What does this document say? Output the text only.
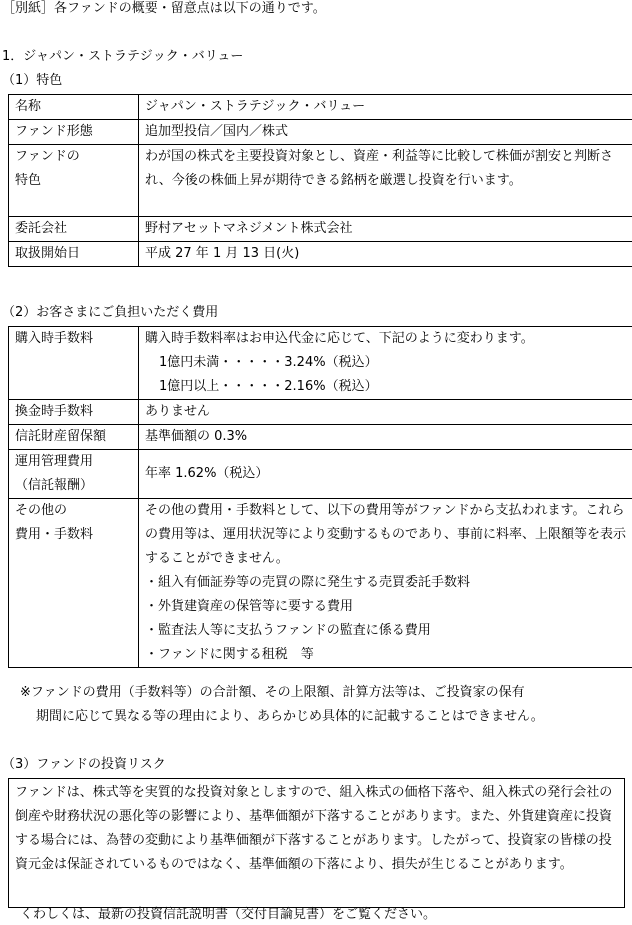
［別紙］各ファンドの概要・留意点は以下の通りです。
1．ジャパン・ストラテジック・バリュー
（1）特色
名称	ジャパン・ストラテジック・バリュー
ファンド形態	追加型投信／国内／株式
ファンドの特色	わが国の株式を主要投資対象とし、資産・利益等に比較して株価が割安と判断され、今後の株価上昇が期待できる銘柄を厳選し投資を行います。
委託会社	野村アセットマネジメント株式会社
取扱開始日	平成 27 年 1 月 13 日(火)
（2）お客さまにご負担いただく費用
購入時手数料	購入時手数料率はお申込代金に応じて、下記のように変わります。
1億円未満・・・・・3.24%（税込）
1億円以上・・・・・2.16%（税込）

換金時手数料	ありません
信託財産留保額	基準価額の 0.3%

運用管理費用
（信託報酬）	年率 1.62%（税込）

その他の
費用・手数料	その他の費用・手数料として、以下の費用等がファンドから支払われます。これらの費用等は、運用状況等により変動するものであり、事前に料率、上限額等を表示することができません。
・組入有価証券等の売買の際に発生する売買委託手数料
・外貨建資産の保管等に要する費用
・監査法人等に支払うファンドの監査に係る費用
・ファンドに関する租税　等
※ファンドの費用（手数料等）の合計額、その上限額、計算方法等は、ご投資家の保有
期間に応じて異なる等の理由により、あらかじめ具体的に記載することはできません。
（3）ファンドの投資リスク
ファンドは、株式等を実質的な投資対象としますので、組入株式の価格下落や、組入株式の発行会社の倒産や財務状況の悪化等の影響により、基準価額が下落することがあります。また、外貨建資産に投資する場合には、為替の変動により基準価額が下落することがあります。したがって、投資家の皆様の投資元金は保証されているものではなく、基準価額の下落により、損失が生じることがあります。
くわしくは、最新の投資信託説明書（交付目論見書）をご覧ください。
